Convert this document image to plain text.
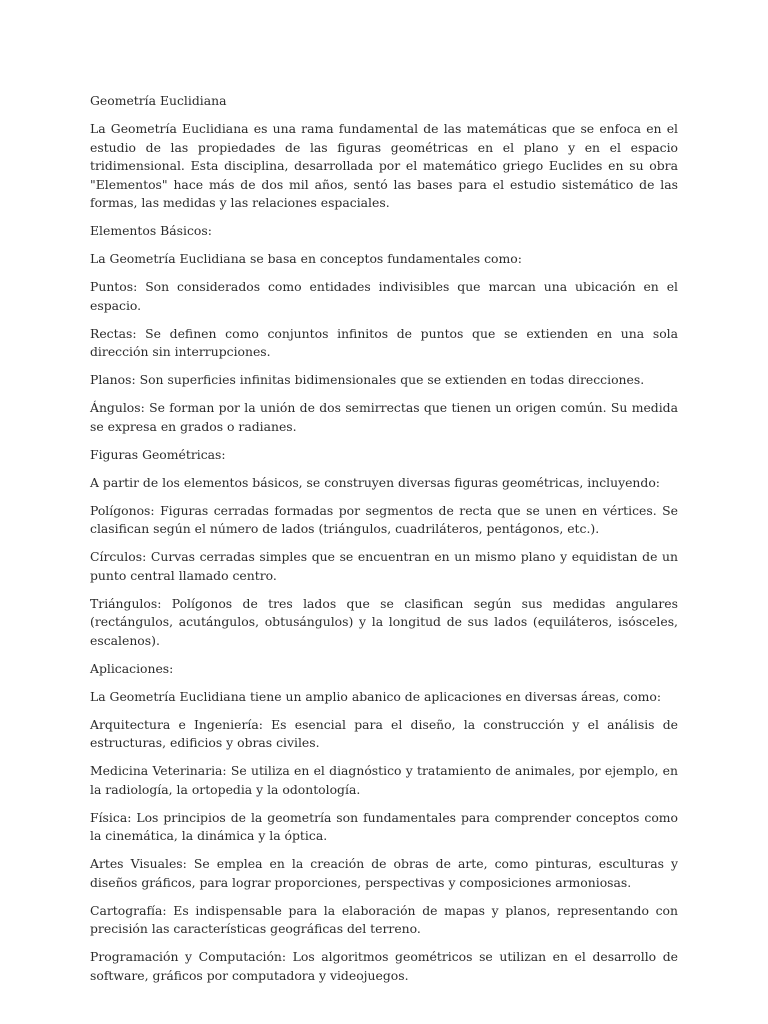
Geometría Euclidiana

La Geometría Euclidiana es una rama fundamental de las matemáticas que se enfoca en el estudio de las propiedades de las figuras geométricas en el plano y en el espacio tridimensional. Esta disciplina, desarrollada por el matemático griego Euclides en su obra "Elementos" hace más de dos mil años, sentó las bases para el estudio sistemático de las formas, las medidas y las relaciones espaciales.

Elementos Básicos:

La Geometría Euclidiana se basa en conceptos fundamentales como:

Puntos: Son considerados como entidades indivisibles que marcan una ubicación en el espacio.

Rectas: Se definen como conjuntos infinitos de puntos que se extienden en una sola dirección sin interrupciones.

Planos: Son superficies infinitas bidimensionales que se extienden en todas direcciones.

Ángulos: Se forman por la unión de dos semirrectas que tienen un origen común. Su medida se expresa en grados o radianes.

Figuras Geométricas:

A partir de los elementos básicos, se construyen diversas figuras geométricas, incluyendo:

Polígonos: Figuras cerradas formadas por segmentos de recta que se unen en vértices. Se clasifican según el número de lados (triángulos, cuadriláteros, pentágonos, etc.).

Círculos: Curvas cerradas simples que se encuentran en un mismo plano y equidistan de un punto central llamado centro.

Triángulos: Polígonos de tres lados que se clasifican según sus medidas angulares (rectángulos, acutángulos, obtusángulos) y la longitud de sus lados (equiláteros, isósceles, escalenos).

Aplicaciones:

La Geometría Euclidiana tiene un amplio abanico de aplicaciones en diversas áreas, como:

Arquitectura e Ingeniería: Es esencial para el diseño, la construcción y el análisis de estructuras, edificios y obras civiles.

Medicina Veterinaria: Se utiliza en el diagnóstico y tratamiento de animales, por ejemplo, en la radiología, la ortopedia y la odontología.

Física: Los principios de la geometría son fundamentales para comprender conceptos como la cinemática, la dinámica y la óptica.

Artes Visuales: Se emplea en la creación de obras de arte, como pinturas, esculturas y diseños gráficos, para lograr proporciones, perspectivas y composiciones armoniosas.

Cartografía: Es indispensable para la elaboración de mapas y planos, representando con precisión las características geográficas del terreno.

Programación y Computación: Los algoritmos geométricos se utilizan en el desarrollo de software, gráficos por computadora y videojuegos.
